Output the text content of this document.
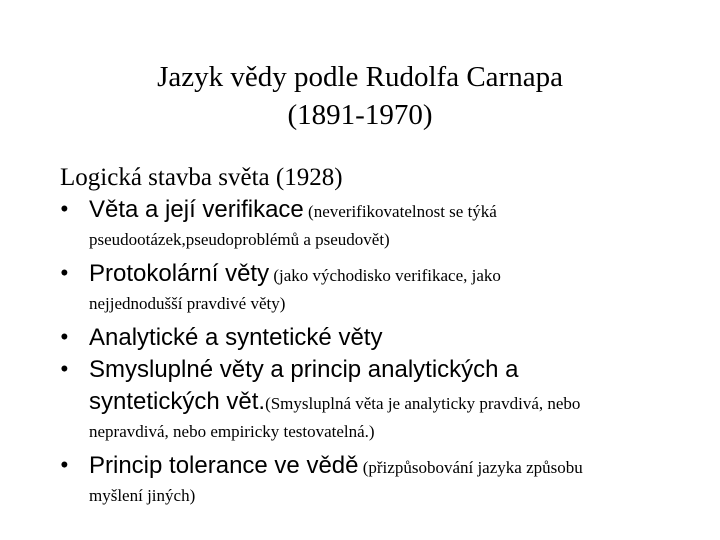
Jazyk vědy podle Rudolfa Carnapa
(1891-1970)
Logická stavba světa (1928)
• Věta a její verifikace (neverifikovatelnost se týká
pseudootázek,pseudoproblémů a pseudovět)
• Protokolární věty (jako východisko verifikace, jako
nejjednodušší pravdivé věty)
• Analytické a syntetické věty
• Smysluplné věty a princip analytických a
syntetických vět.(Smysluplná věta je analyticky pravdivá, nebo
nepravdivá, nebo empiricky testovatelná.)
• Princip tolerance ve vědě (přizpůsobování jazyka způsobu
myšlení jiných)
